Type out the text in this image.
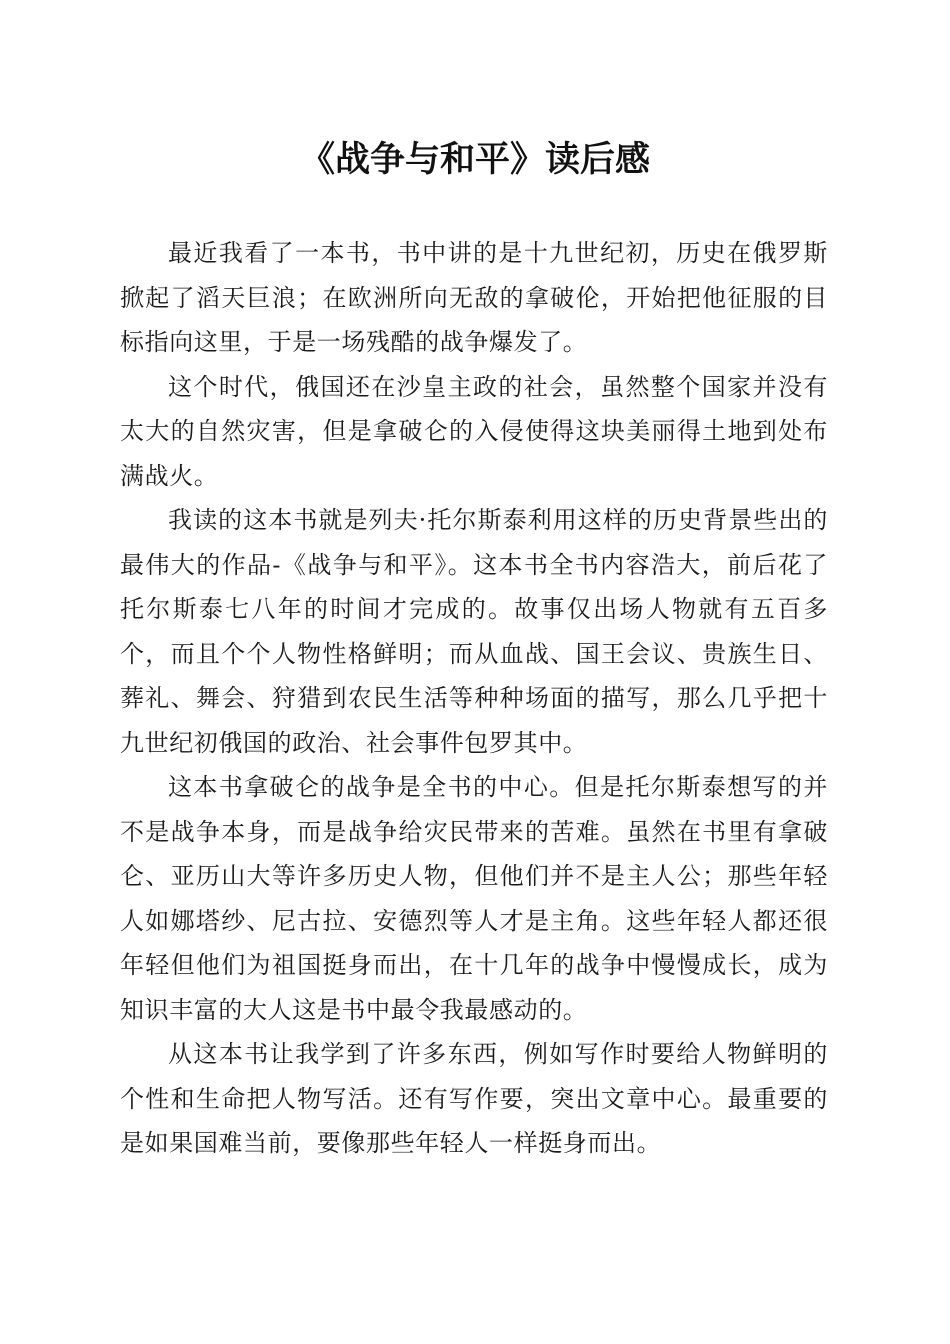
《战争与和平》读后感

最近我看了一本书，书中讲的是十九世纪初，历史在俄罗斯掀起了滔天巨浪；在欧洲所向无敌的拿破伦，开始把他征服的目标指向这里，于是一场残酷的战争爆发了。

这个时代，俄国还在沙皇主政的社会，虽然整个国家并没有太大的自然灾害，但是拿破仑的入侵使得这块美丽得土地到处布满战火。

我读的这本书就是列夫·托尔斯泰利用这样的历史背景些出的最伟大的作品-《战争与和平》。这本书全书内容浩大，前后花了托尔斯泰七八年的时间才完成的。故事仅出场人物就有五百多个，而且个个人物性格鲜明；而从血战、国王会议、贵族生日、葬礼、舞会、狩猎到农民生活等种种场面的描写，那么几乎把十九世纪初俄国的政治、社会事件包罗其中。

这本书拿破仑的战争是全书的中心。但是托尔斯泰想写的并不是战争本身，而是战争给灾民带来的苦难。虽然在书里有拿破仑、亚历山大等许多历史人物，但他们并不是主人公；那些年轻人如娜塔纱、尼古拉、安德烈等人才是主角。这些年轻人都还很年轻但他们为祖国挺身而出，在十几年的战争中慢慢成长，成为知识丰富的大人这是书中最令我最感动的。

从这本书让我学到了许多东西，例如写作时要给人物鲜明的个性和生命把人物写活。还有写作要，突出文章中心。最重要的是如果国难当前，要像那些年轻人一样挺身而出。
